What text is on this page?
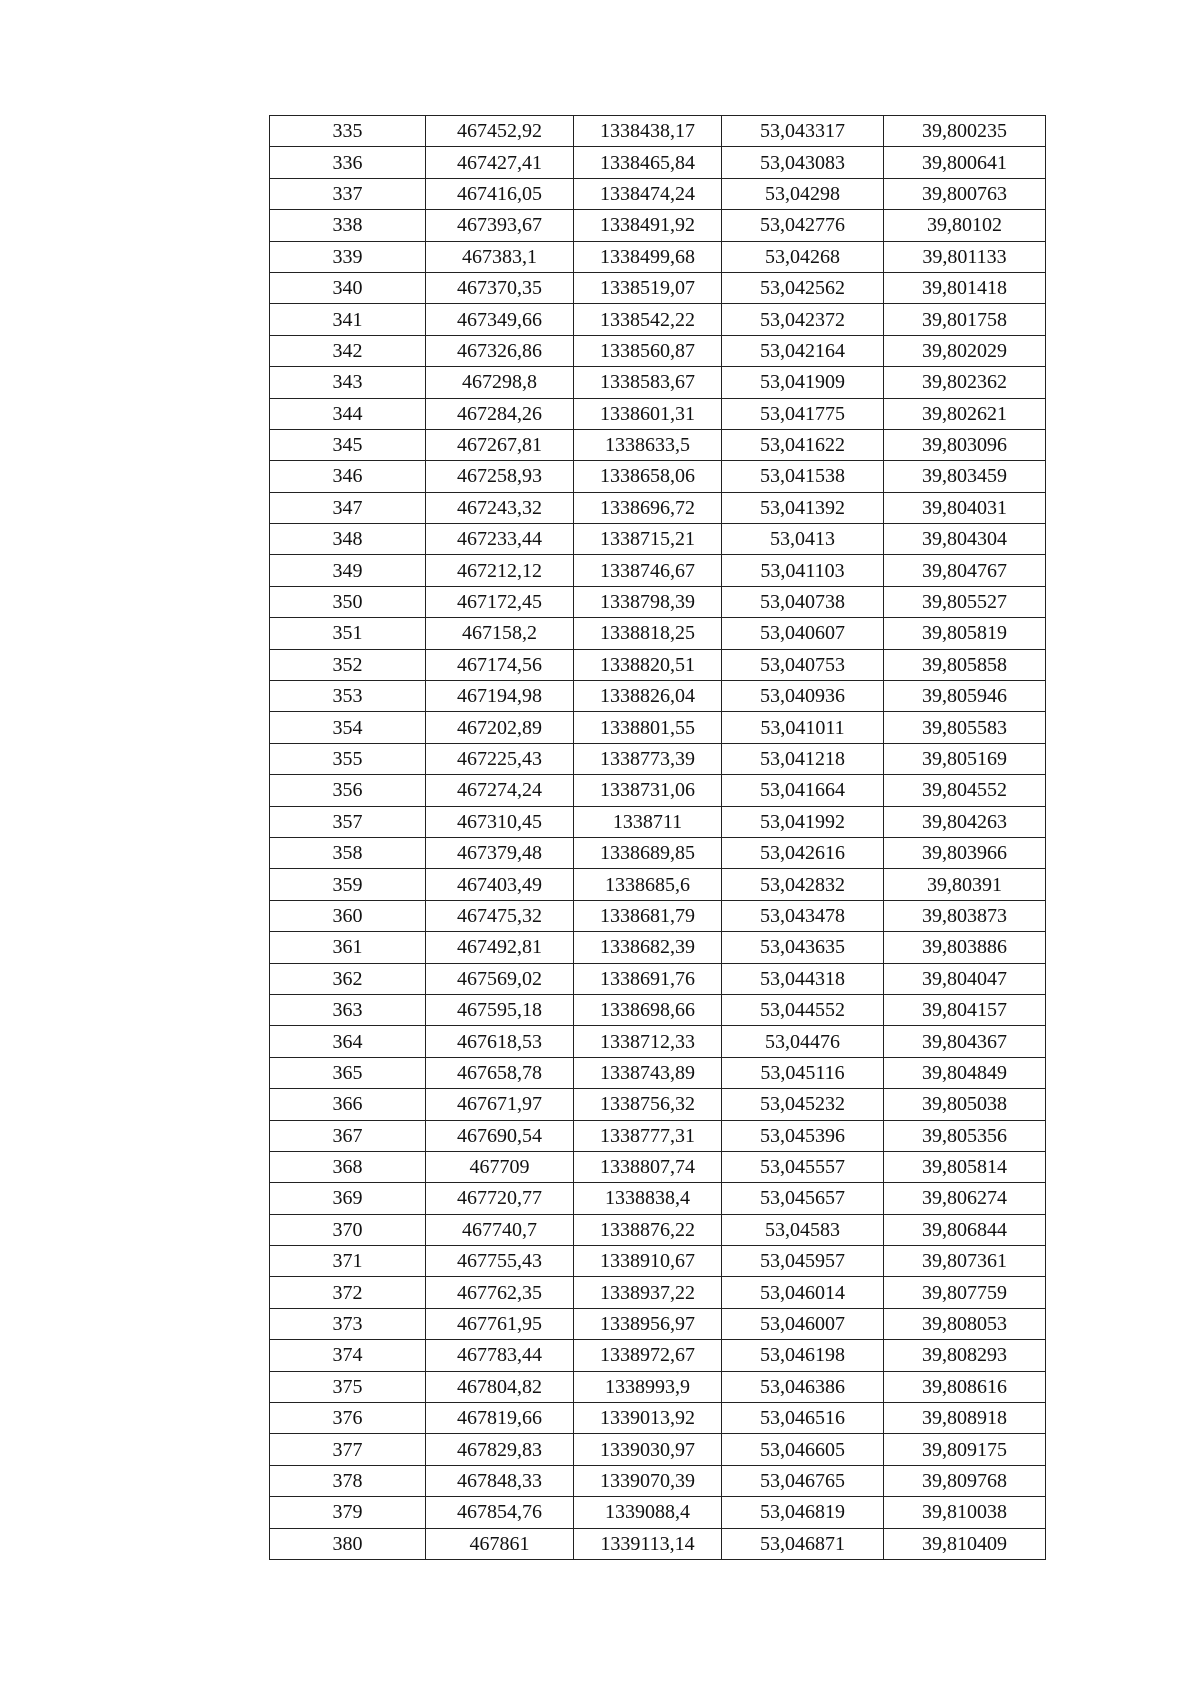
335	467452,92	1338438,17	53,043317	39,800235
336	467427,41	1338465,84	53,043083	39,800641
337	467416,05	1338474,24	53,04298	39,800763
338	467393,67	1338491,92	53,042776	39,80102
339	467383,1	1338499,68	53,04268	39,801133
340	467370,35	1338519,07	53,042562	39,801418
341	467349,66	1338542,22	53,042372	39,801758
342	467326,86	1338560,87	53,042164	39,802029
343	467298,8	1338583,67	53,041909	39,802362
344	467284,26	1338601,31	53,041775	39,802621
345	467267,81	1338633,5	53,041622	39,803096
346	467258,93	1338658,06	53,041538	39,803459
347	467243,32	1338696,72	53,041392	39,804031
348	467233,44	1338715,21	53,0413	39,804304
349	467212,12	1338746,67	53,041103	39,804767
350	467172,45	1338798,39	53,040738	39,805527
351	467158,2	1338818,25	53,040607	39,805819
352	467174,56	1338820,51	53,040753	39,805858
353	467194,98	1338826,04	53,040936	39,805946
354	467202,89	1338801,55	53,041011	39,805583
355	467225,43	1338773,39	53,041218	39,805169
356	467274,24	1338731,06	53,041664	39,804552
357	467310,45	1338711	53,041992	39,804263
358	467379,48	1338689,85	53,042616	39,803966
359	467403,49	1338685,6	53,042832	39,80391
360	467475,32	1338681,79	53,043478	39,803873
361	467492,81	1338682,39	53,043635	39,803886
362	467569,02	1338691,76	53,044318	39,804047
363	467595,18	1338698,66	53,044552	39,804157
364	467618,53	1338712,33	53,04476	39,804367
365	467658,78	1338743,89	53,045116	39,804849
366	467671,97	1338756,32	53,045232	39,805038
367	467690,54	1338777,31	53,045396	39,805356
368	467709	1338807,74	53,045557	39,805814
369	467720,77	1338838,4	53,045657	39,806274
370	467740,7	1338876,22	53,04583	39,806844
371	467755,43	1338910,67	53,045957	39,807361
372	467762,35	1338937,22	53,046014	39,807759
373	467761,95	1338956,97	53,046007	39,808053
374	467783,44	1338972,67	53,046198	39,808293
375	467804,82	1338993,9	53,046386	39,808616
376	467819,66	1339013,92	53,046516	39,808918
377	467829,83	1339030,97	53,046605	39,809175
378	467848,33	1339070,39	53,046765	39,809768
379	467854,76	1339088,4	53,046819	39,810038
380	467861	1339113,14	53,046871	39,810409
